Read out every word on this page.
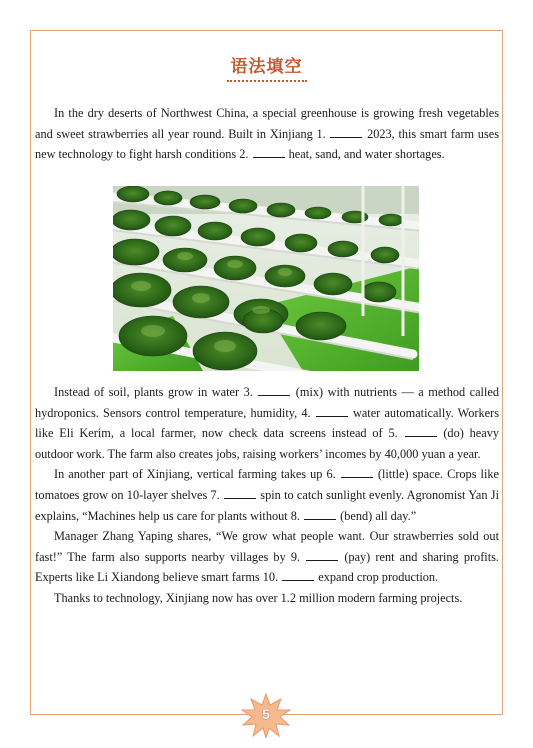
语法填空

In the dry deserts of Northwest China, a special greenhouse is growing fresh vegetables and sweet strawberries all year round. Built in Xinjiang 1.	2023, this smart farm uses new technology to fight harsh conditions 2.	heat, sand, and water shortages.

Instead of soil, plants grow in water 3.	(mix) with nutrients — a method called hydroponics. Sensors control temperature, humidity, 4.	water automatically. Workers like Eli Kerim, a local farmer, now check data screens instead of 5.	(do) heavy outdoor work. The farm also creates jobs, raising workers’ incomes by 40,000 yuan a year.

In another part of Xinjiang, vertical farming takes up 6.	(little) space. Crops like tomatoes grow on 10-layer shelves 7.	spin to catch sunlight evenly. Agronomist Yan Ji explains, “Machines help us care for plants without 8.	(bend) all day.”

Manager Zhang Yaping shares, “We grow what people want. Our strawberries sold out fast!” The farm also supports nearby villages by 9.	(pay) rent and sharing profits. Experts like Li Xiandong believe smart farms 10.	expand crop production.

Thanks to technology, Xinjiang now has over 1.2 million modern farming projects.

5
